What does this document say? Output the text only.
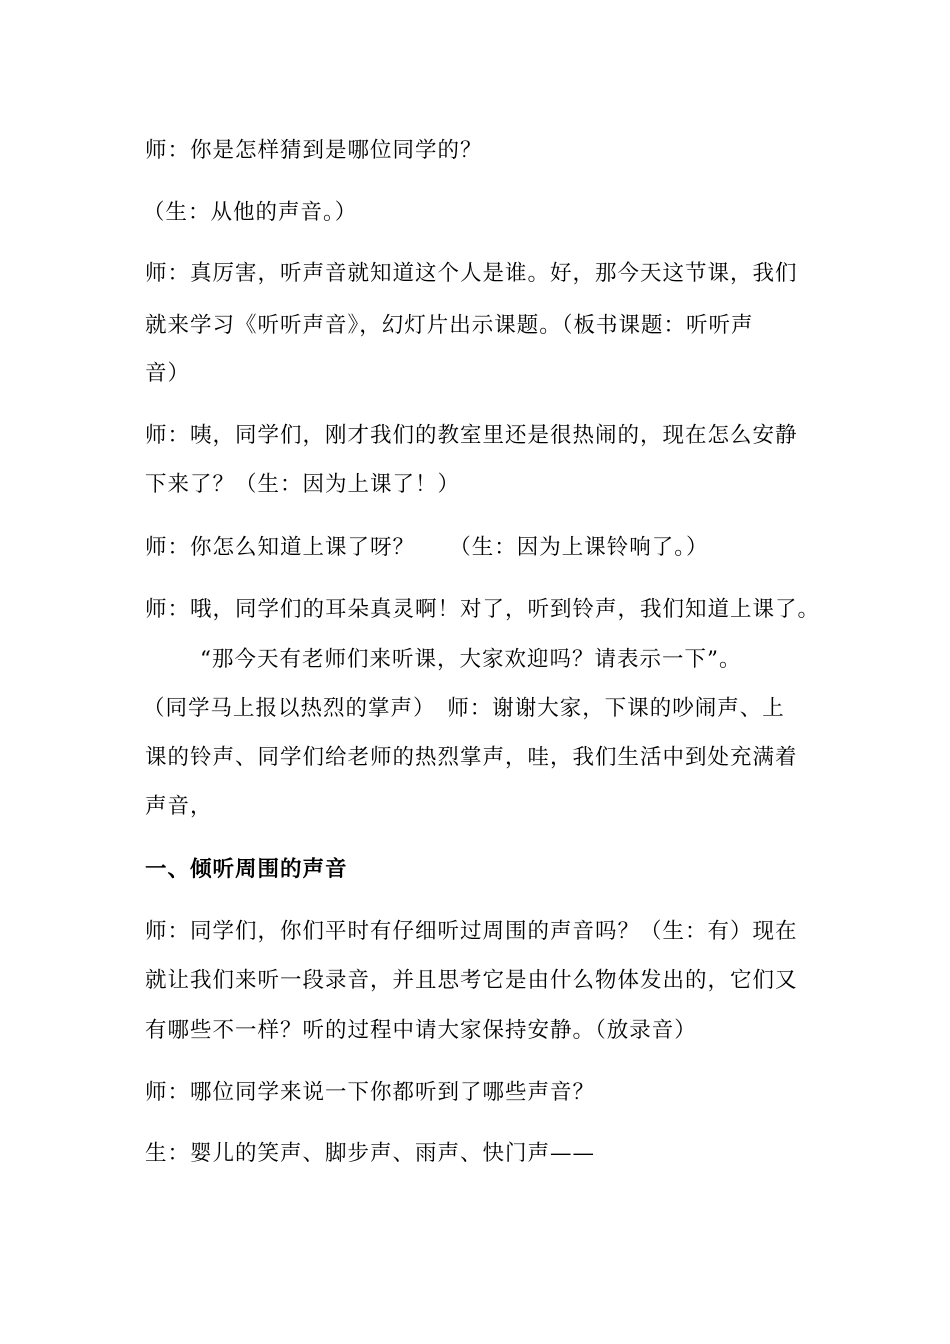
师：你是怎样猜到是哪位同学的？
（生：从他的声音。）
师：真厉害，听声音就知道这个人是谁。好，那今天这节课，我们
就来学习《听听声音》，幻灯片出示课题。（板书课题：听听声
音）
师：咦，同学们，刚才我们的教室里还是很热闹的，现在怎么安静
下来了？（生：因为上课了！）
师：你怎么知道上课了呀？　　（生：因为上课铃响了。）
师：哦，同学们的耳朵真灵啊！对了，听到铃声，我们知道上课了。
“那今天有老师们来听课，大家欢迎吗？请表示一下”。
（同学马上报以热烈的掌声）　师：谢谢大家，下课的吵闹声、上
课的铃声、同学们给老师的热烈掌声，哇，我们生活中到处充满着
声音，
一、倾听周围的声音
师：同学们，你们平时有仔细听过周围的声音吗？（生：有）现在
就让我们来听一段录音，并且思考它是由什么物体发出的，它们又
有哪些不一样？听的过程中请大家保持安静。（放录音）
师：哪位同学来说一下你都听到了哪些声音？
生：婴儿的笑声、脚步声、雨声、快门声——
